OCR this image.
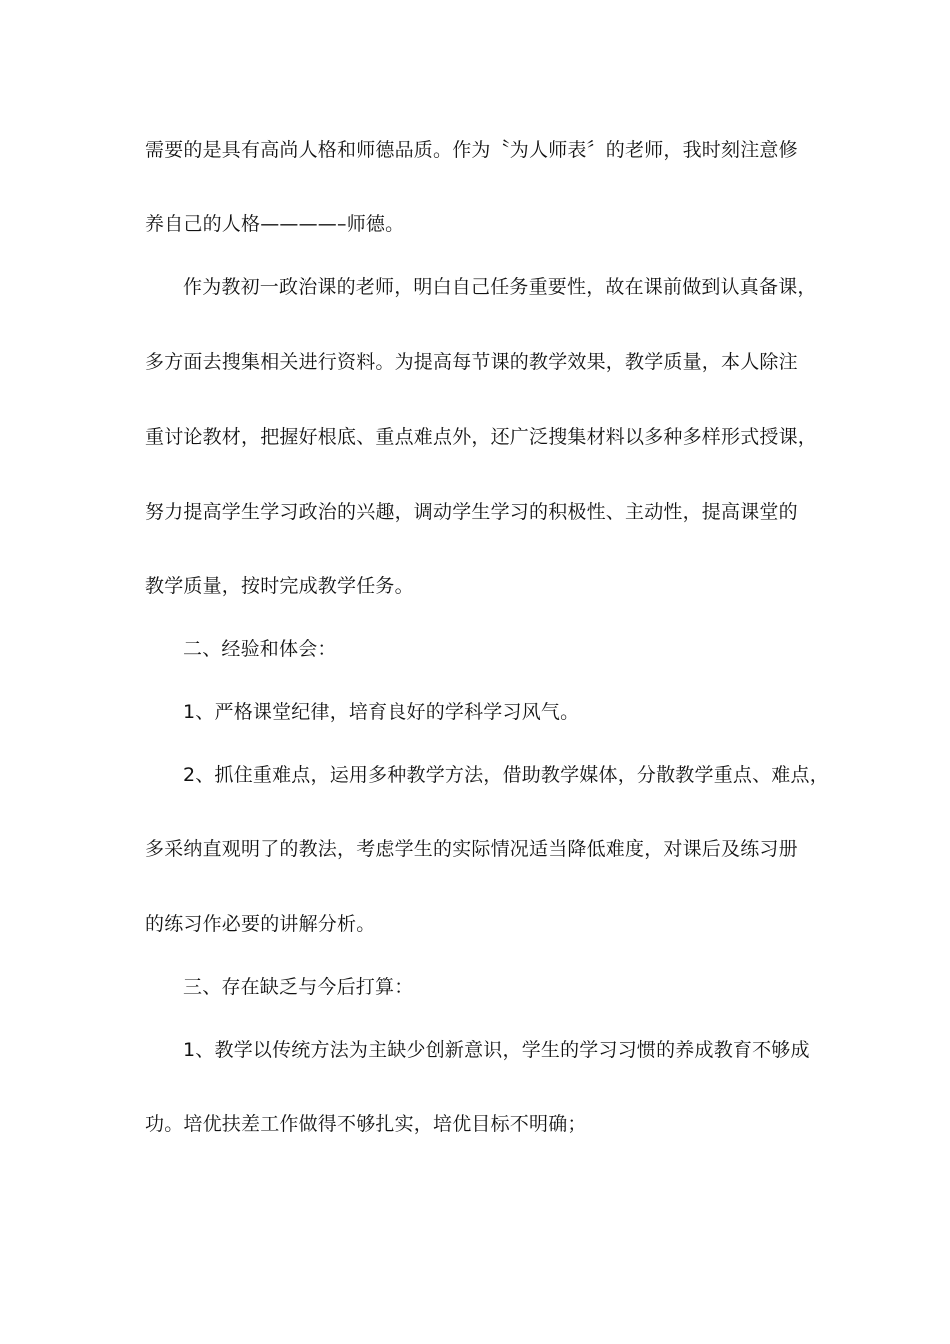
需要的是具有高尚人格和师德品质。作为〝为人师表〞的老师，我时刻注意修
养自己的人格————–师德。
作为教初一政治课的老师，明白自己任务重要性，故在课前做到认真备课，
多方面去搜集相关进行资料。为提高每节课的教学效果，教学质量，本人除注
重讨论教材，把握好根底、重点难点外，还广泛搜集材料以多种多样形式授课，
努力提高学生学习政治的兴趣，调动学生学习的积极性、主动性，提高课堂的
教学质量，按时完成教学任务。
二、经验和体会：
1、严格课堂纪律，培育良好的学科学习风气。
2、抓住重难点，运用多种教学方法，借助教学媒体，分散教学重点、难点，
多采纳直观明了的教法，考虑学生的实际情况适当降低难度，对课后及练习册
的练习作必要的讲解分析。
三、存在缺乏与今后打算：
1、教学以传统方法为主缺少创新意识，学生的学习习惯的养成教育不够成
功。培优扶差工作做得不够扎实，培优目标不明确；
